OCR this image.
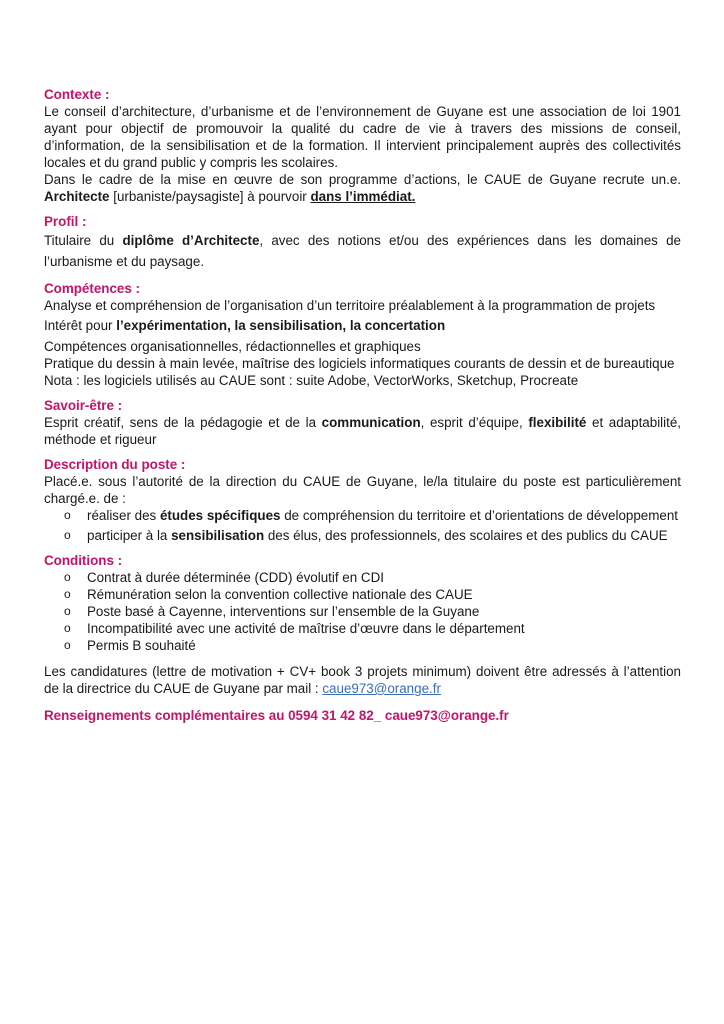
Contexte :

Le conseil d’architecture, d’urbanisme et de l’environnement de Guyane est une association de loi 1901 ayant pour objectif de promouvoir la qualité du cadre de vie à travers des missions de conseil, d’information, de la sensibilisation et de la formation. Il intervient principalement auprès des collectivités locales et du grand public y compris les scolaires.

Dans le cadre de la mise en œuvre de son programme d’actions, le CAUE de Guyane recrute un.e. Architecte [urbaniste/paysagiste] à pourvoir dans l’immédiat.

Profil :

Titulaire du diplôme d’Architecte, avec des notions et/ou des expériences dans les domaines de l’urbanisme et du paysage.

Compétences :

Analyse et compréhension de l’organisation d’un territoire préalablement à la programmation de projets

Intérêt pour l’expérimentation, la sensibilisation, la concertation

Compétences organisationnelles, rédactionnelles et graphiques

Pratique du dessin à main levée, maîtrise des logiciels informatiques courants de dessin et de bureautique

Nota : les logiciels utilisés au CAUE sont : suite Adobe, VectorWorks, Sketchup, Procreate

Savoir-être :

Esprit créatif, sens de la pédagogie et de la communication, esprit d’équipe, flexibilité et adaptabilité, méthode et rigueur

Description du poste :

Placé.e. sous l’autorité de la direction du CAUE de Guyane, le/la titulaire du poste est particulièrement chargé.e. de :

o réaliser des études spécifiques de compréhension du territoire et d’orientations de développement
o participer à la sensibilisation des élus, des professionnels, des scolaires et des publics du CAUE

Conditions :

o Contrat à durée déterminée (CDD) évolutif en CDI
o Rémunération selon la convention collective nationale des CAUE
o Poste basé à Cayenne, interventions sur l’ensemble de la Guyane
o Incompatibilité avec une activité de maîtrise d’œuvre dans le département
o Permis B souhaité

Les candidatures (lettre de motivation + CV+ book 3 projets minimum) doivent être adressés à l’attention de la directrice du CAUE de Guyane par mail : caue973@orange.fr

Renseignements complémentaires au 0594 31 42 82_ caue973@orange.fr
